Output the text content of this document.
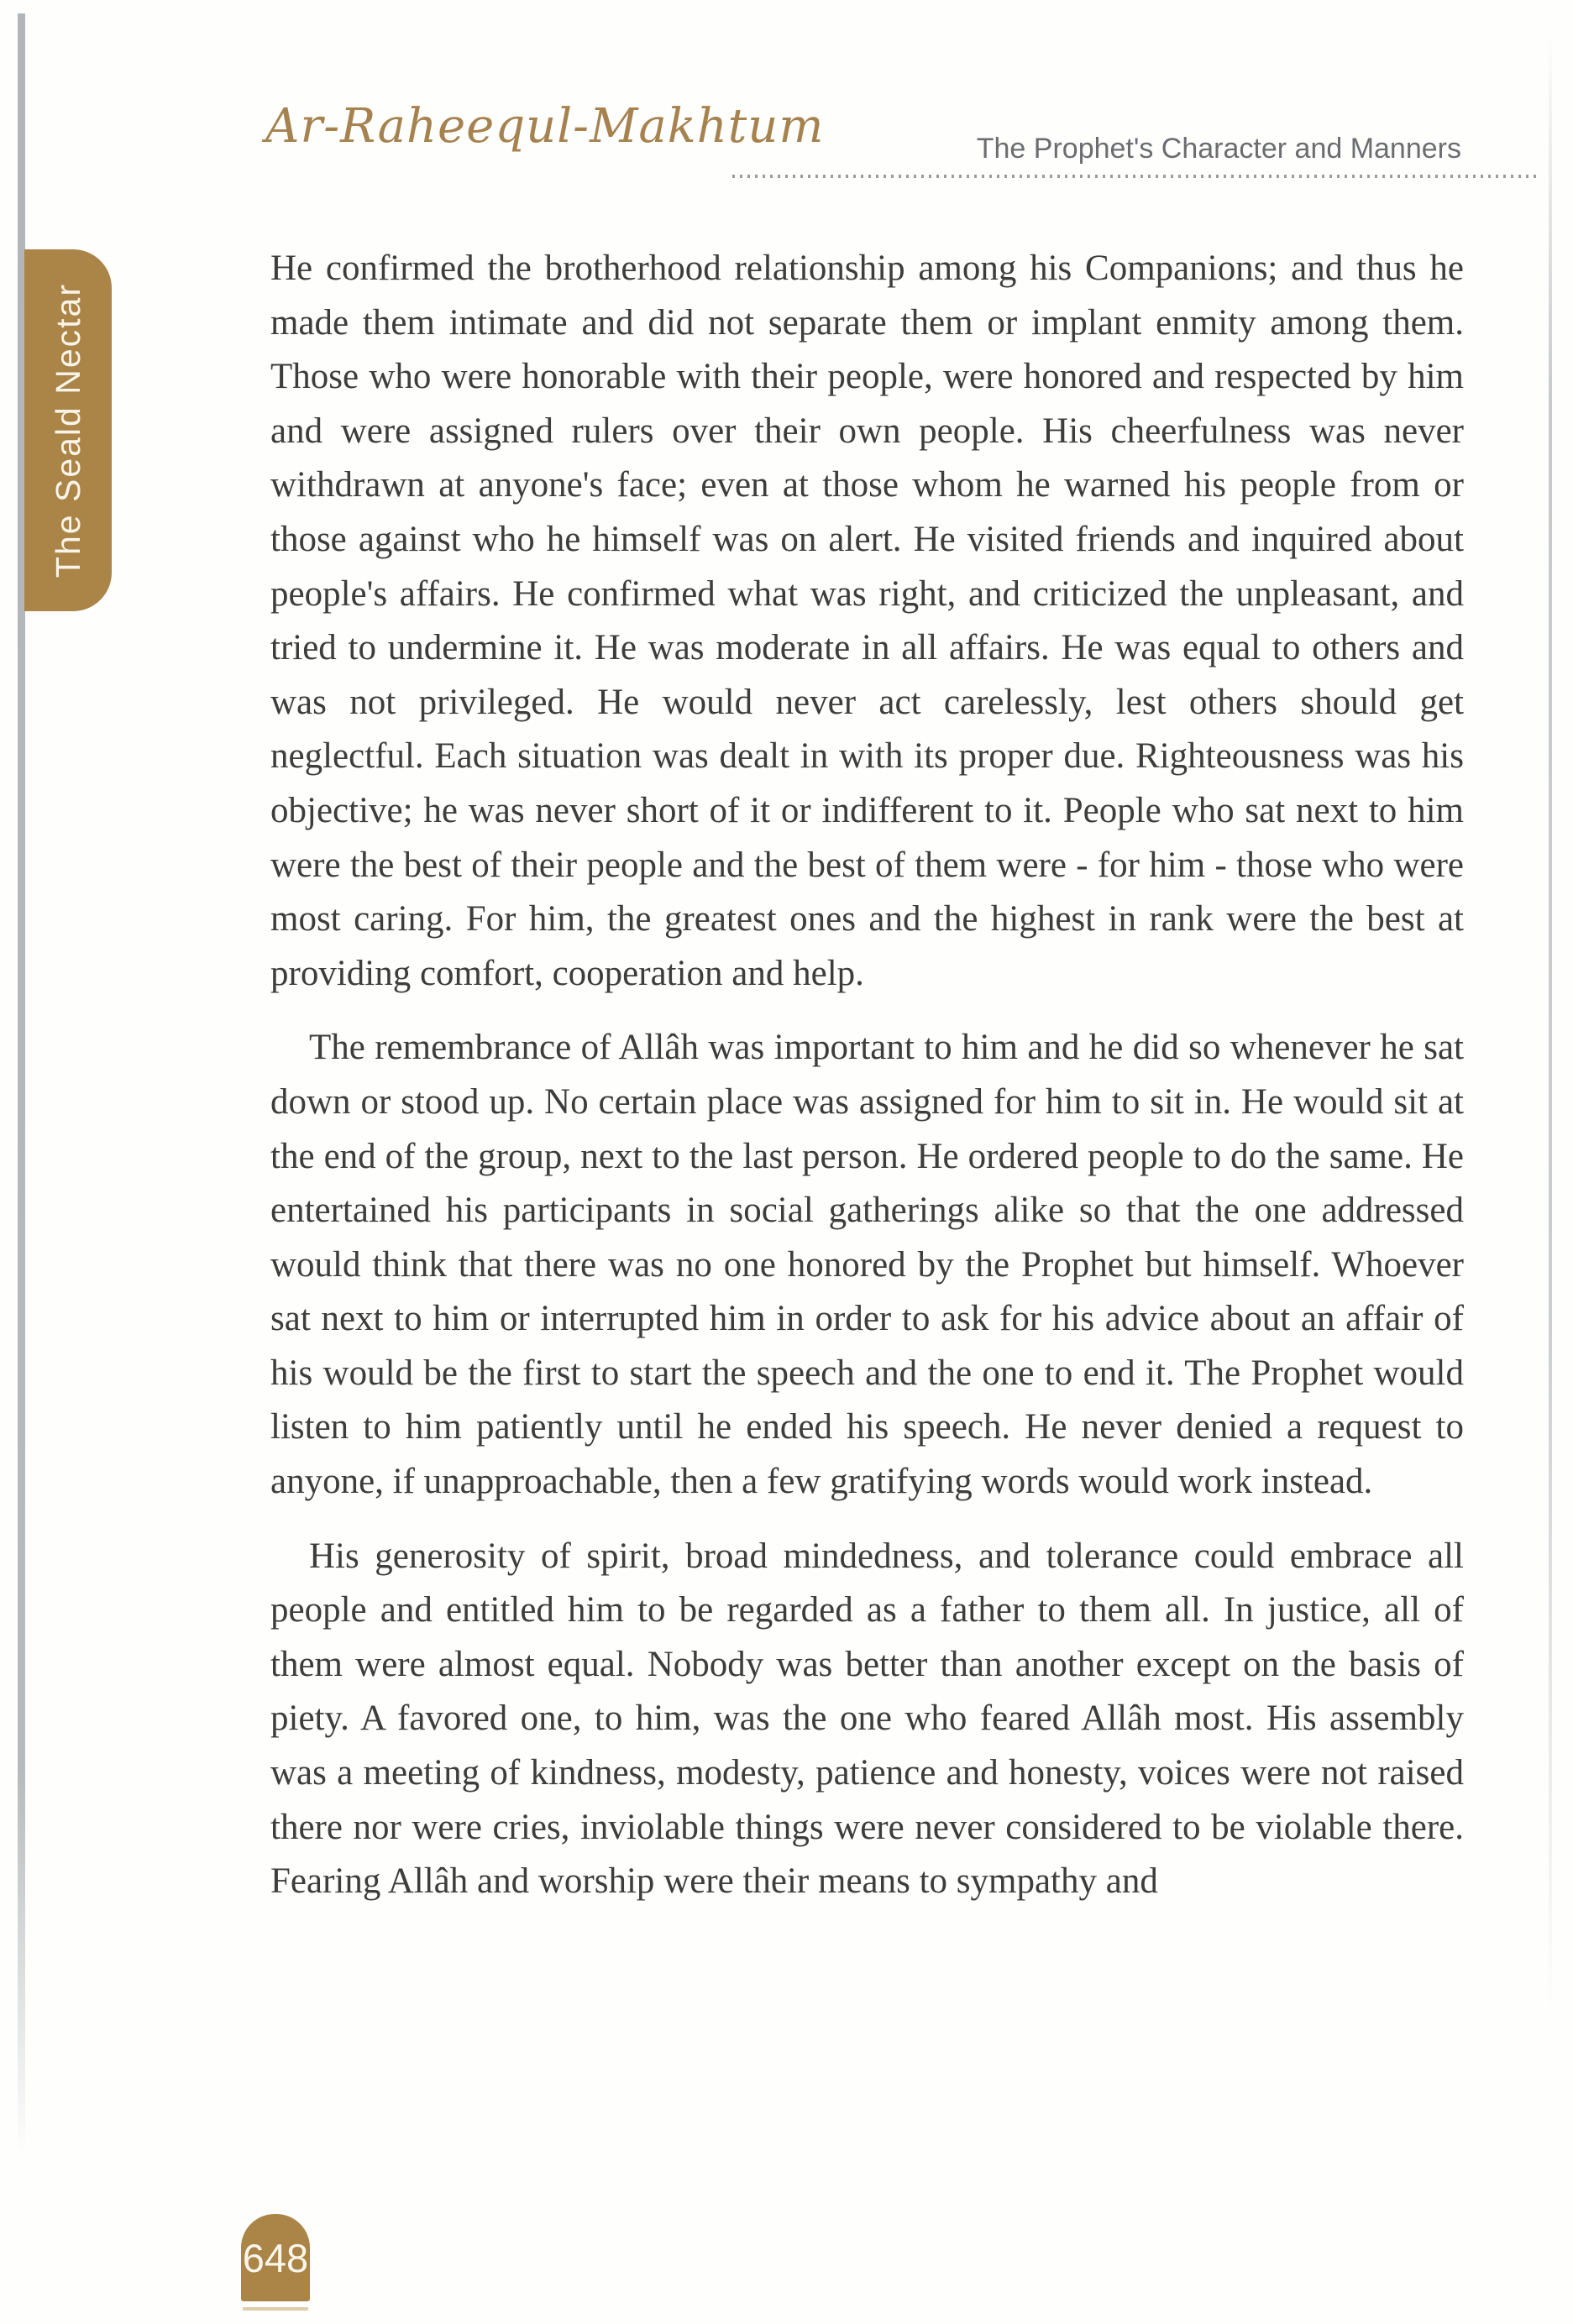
The Seald Nectar
Ar-Raheequl-Makhtum	The Prophet's Character and Manners

He confirmed the brotherhood relationship among his Companions; and thus he made them intimate and did not separate them or implant enmity among them. Those who were honorable with their people, were honored and respected by him and were assigned rulers over their own people. His cheerfulness was never withdrawn at anyone's face; even at those whom he warned his people from or those against who he himself was on alert. He visited friends and inquired about people's affairs. He confirmed what was right, and criticized the unpleasant, and tried to undermine it. He was moderate in all affairs. He was equal to others and was not privileged. He would never act carelessly, lest others should get neglectful. Each situation was dealt in with its proper due. Righteousness was his objective; he was never short of it or indifferent to it. People who sat next to him were the best of their people and the best of them were - for him - those who were most caring. For him, the greatest ones and the highest in rank were the best at providing comfort, cooperation and help.

The remembrance of Allâh was important to him and he did so whenever he sat down or stood up. No certain place was assigned for him to sit in. He would sit at the end of the group, next to the last person. He ordered people to do the same. He entertained his participants in social gatherings alike so that the one addressed would think that there was no one honored by the Prophet but himself. Whoever sat next to him or interrupted him in order to ask for his advice about an affair of his would be the first to start the speech and the one to end it. The Prophet would listen to him patiently until he ended his speech. He never denied a request to anyone, if unapproachable, then a few gratifying words would work instead.

His generosity of spirit, broad mindedness, and tolerance could embrace all people and entitled him to be regarded as a father to them all. In justice, all of them were almost equal. Nobody was better than another except on the basis of piety. A favored one, to him, was the one who feared Allâh most. His assembly was a meeting of kindness, modesty, patience and honesty, voices were not raised there nor were cries, inviolable things were never considered to be violable there. Fearing Allâh and worship were their means to sympathy and

648
